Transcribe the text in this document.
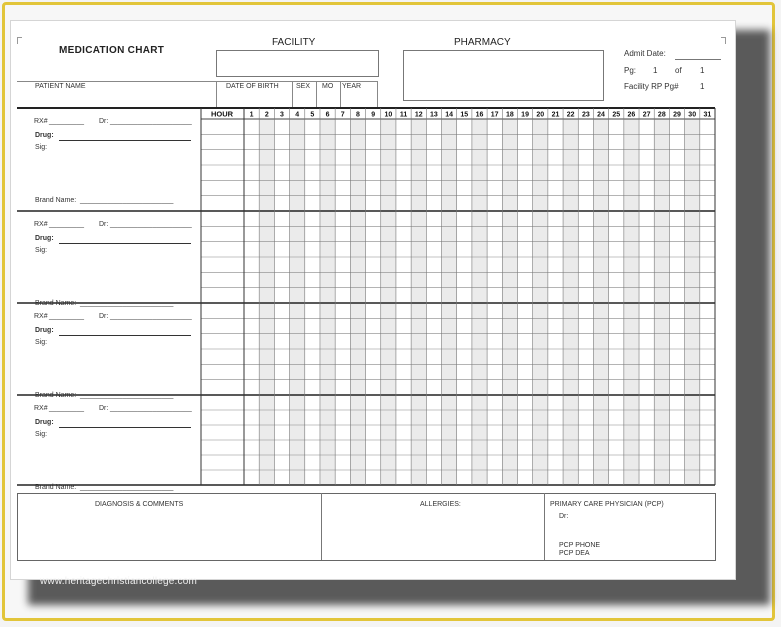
MEDICATION CHART
FACILITY	PHARMACY
Admit Date:
Pg: 1 of 1
Facility RP Pg#	1
PATIENT NAME	DATE OF BIRTH SEX MO YEAR
HOUR 1 2 3 4 5 6 7 8 9 10 11 12 13 14 15 16 17 18 19 20 21 22 23 24 25 26 27 28 29 30 31
RX# _________ Dr: _____________________
Drug:
Sig:
Brand Name: ________________________
RX# _________ Dr: _____________________
Drug:
Sig:
Brand Name: ________________________
RX# _________ Dr: _____________________
Drug:
Sig:
Brand Name: ________________________
RX# _________ Dr: _____________________
Drug:
Sig:
Brand Name: ________________________
DIAGNOSIS & COMMENTS	ALLERGIES:	PRIMARY CARE PHYSICIAN (PCP)
Dr:
PCP PHONE
PCP DEA
www.heritagechristiancollege.com
